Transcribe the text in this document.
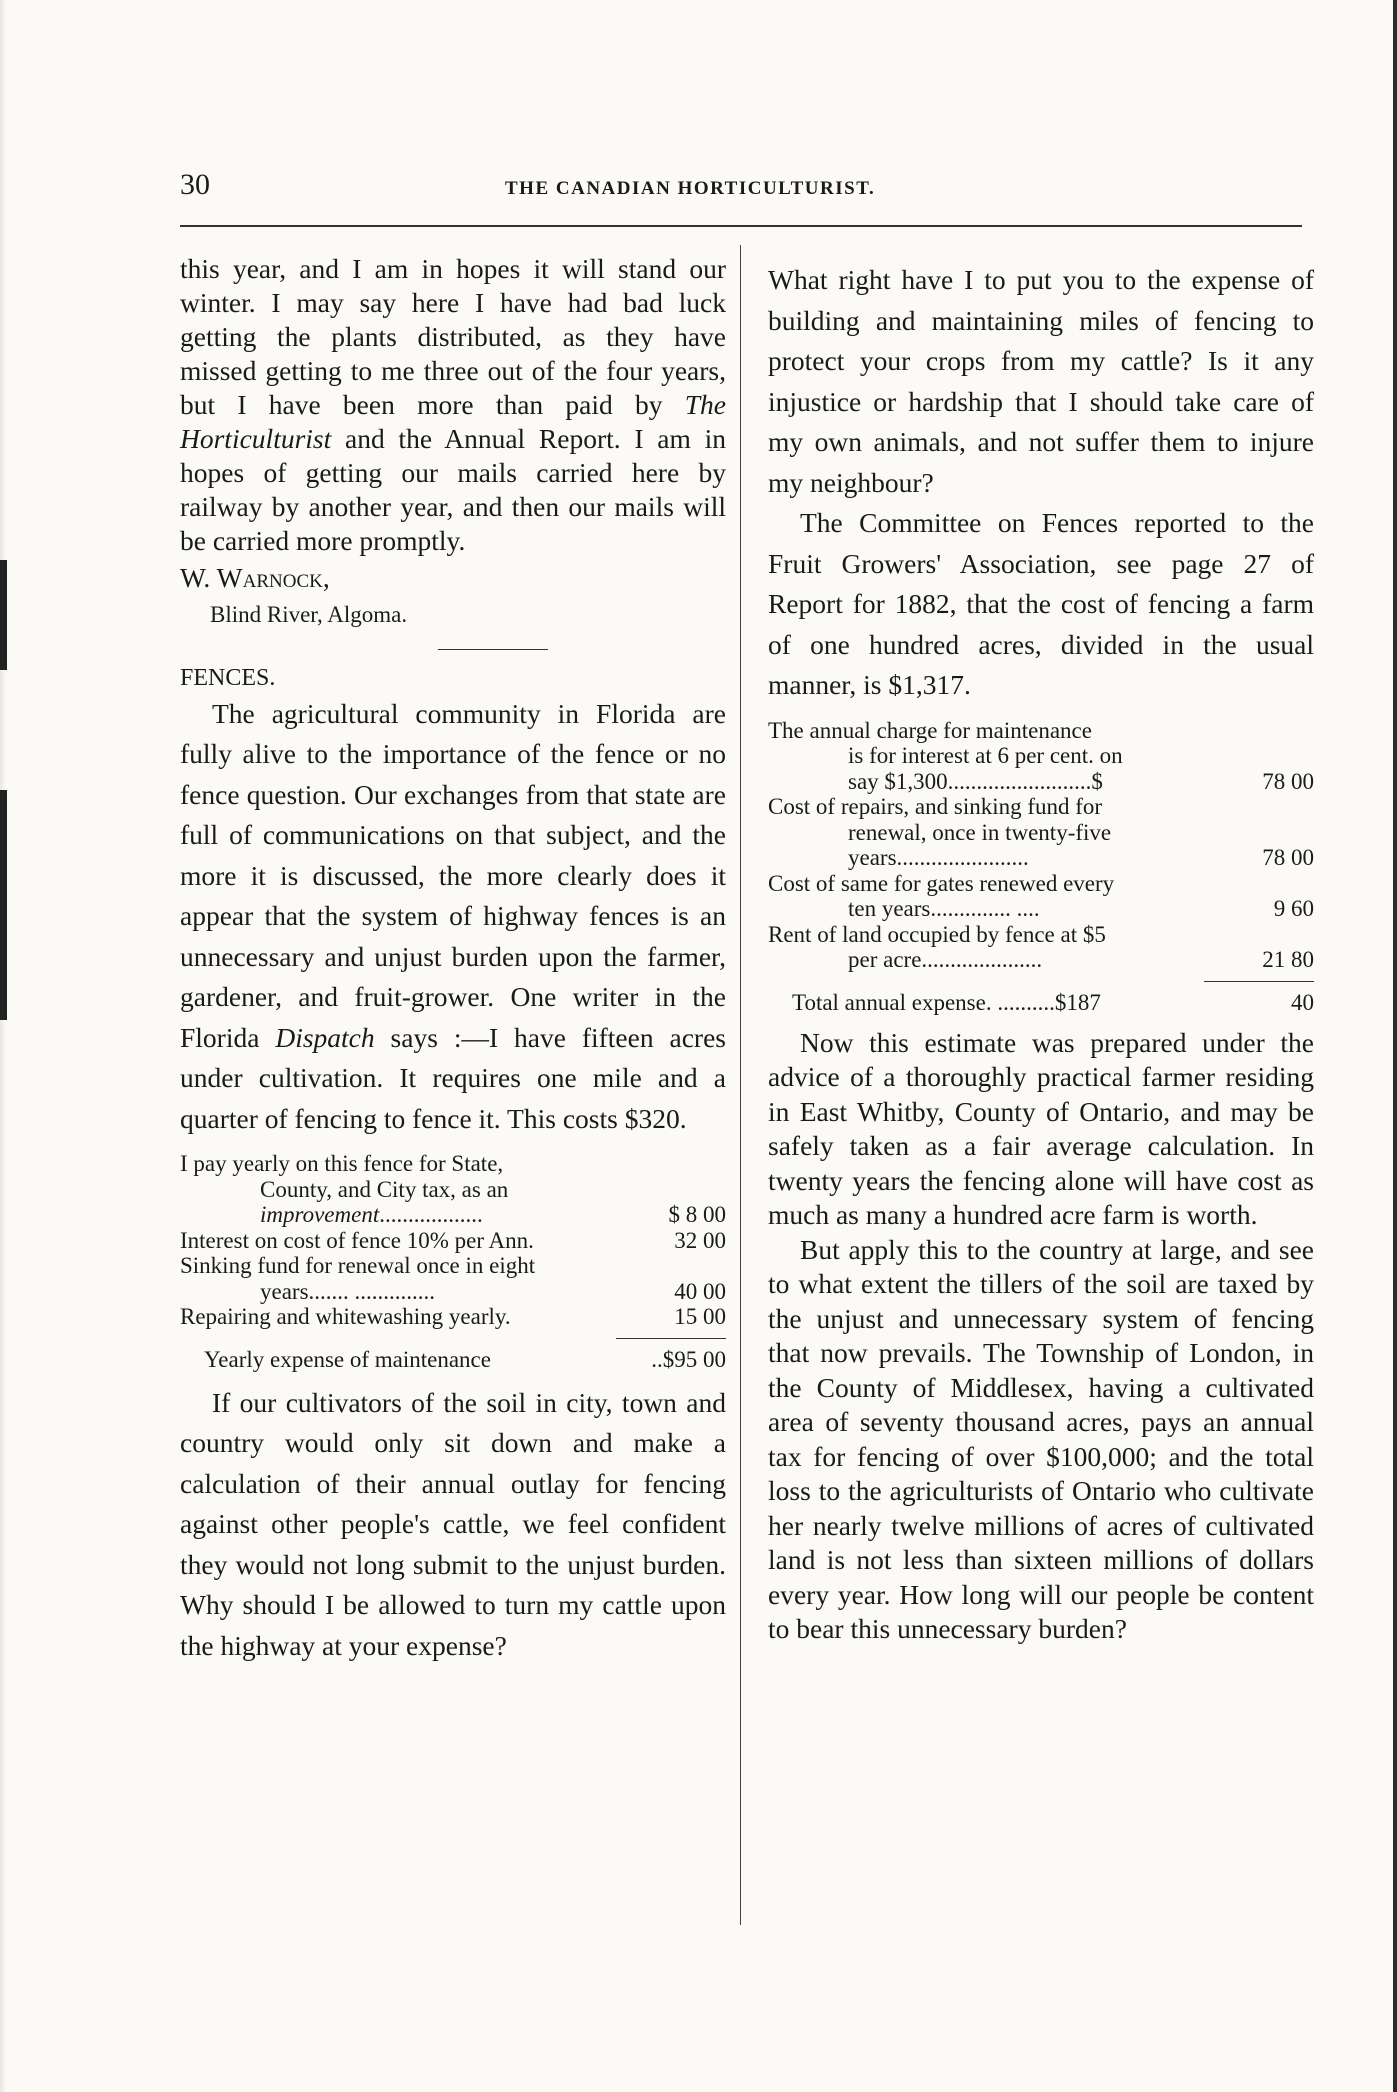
30	THE CANADIAN HORTICULTURIST.

this year, and I am in hopes it will stand our winter. I may say here I have had bad luck getting the plants distributed, as they have missed getting to me three out of the four years, but I have been more than paid by The Horticulturist and the Annual Report. I am in hopes of getting our mails carried here by railway by another year, and then our mails will be carried more promptly.

W. Warnock,

Blind River, Algoma.

FENCES.

The agricultural community in Florida are fully alive to the importance of the fence or no fence question. Our exchanges from that state are full of communications on that subject, and the more it is discussed, the more clearly does it appear that the system of highway fences is an unnecessary and unjust burden upon the farmer, gardener, and fruit-grower. One writer in the Florida Dispatch says :—I have fifteen acres under cultivation. It requires one mile and a quarter of fencing to fence it. This costs $320.

I pay yearly on this fence for State,
County, and City tax, as an
improvement..................	$ 8 00
Interest on cost of fence 10% per Ann.	32 00
Sinking fund for renewal once in eight
years....... ..............	40 00
Repairing and whitewashing yearly.	15 00
Yearly expense of maintenance	..$95 00

If our cultivators of the soil in city, town and country would only sit down and make a calculation of their annual outlay for fencing against other people's cattle, we feel confident they would not long submit to the unjust burden. Why should I be allowed to turn my cattle upon the highway at your expense?

What right have I to put you to the expense of building and maintaining miles of fencing to protect your crops from my cattle? Is it any injustice or hardship that I should take care of my own animals, and not suffer them to injure my neighbour?

The Committee on Fences reported to the Fruit Growers' Association, see page 27 of Report for 1882, that the cost of fencing a farm of one hundred acres, divided in the usual manner, is $1,317.

The annual charge for maintenance
is for interest at 6 per cent. on
say $1,300.........................$	78 00
Cost of repairs, and sinking fund for
renewal, once in twenty-five
years.......................	78 00
Cost of same for gates renewed every
ten years.............. ....	9 60
Rent of land occupied by fence at $5
per acre.....................	21 80
Total annual expense. ..........$187	40

Now this estimate was prepared under the advice of a thoroughly practical farmer residing in East Whitby, County of Ontario, and may be safely taken as a fair average calculation. In twenty years the fencing alone will have cost as much as many a hundred acre farm is worth.

But apply this to the country at large, and see to what extent the tillers of the soil are taxed by the unjust and unnecessary system of fencing that now prevails. The Township of London, in the County of Middlesex, having a cultivated area of seventy thousand acres, pays an annual tax for fencing of over $100,000; and the total loss to the agriculturists of Ontario who cultivate her nearly twelve millions of acres of cultivated land is not less than sixteen millions of dollars every year. How long will our people be content to bear this unnecessary burden?
